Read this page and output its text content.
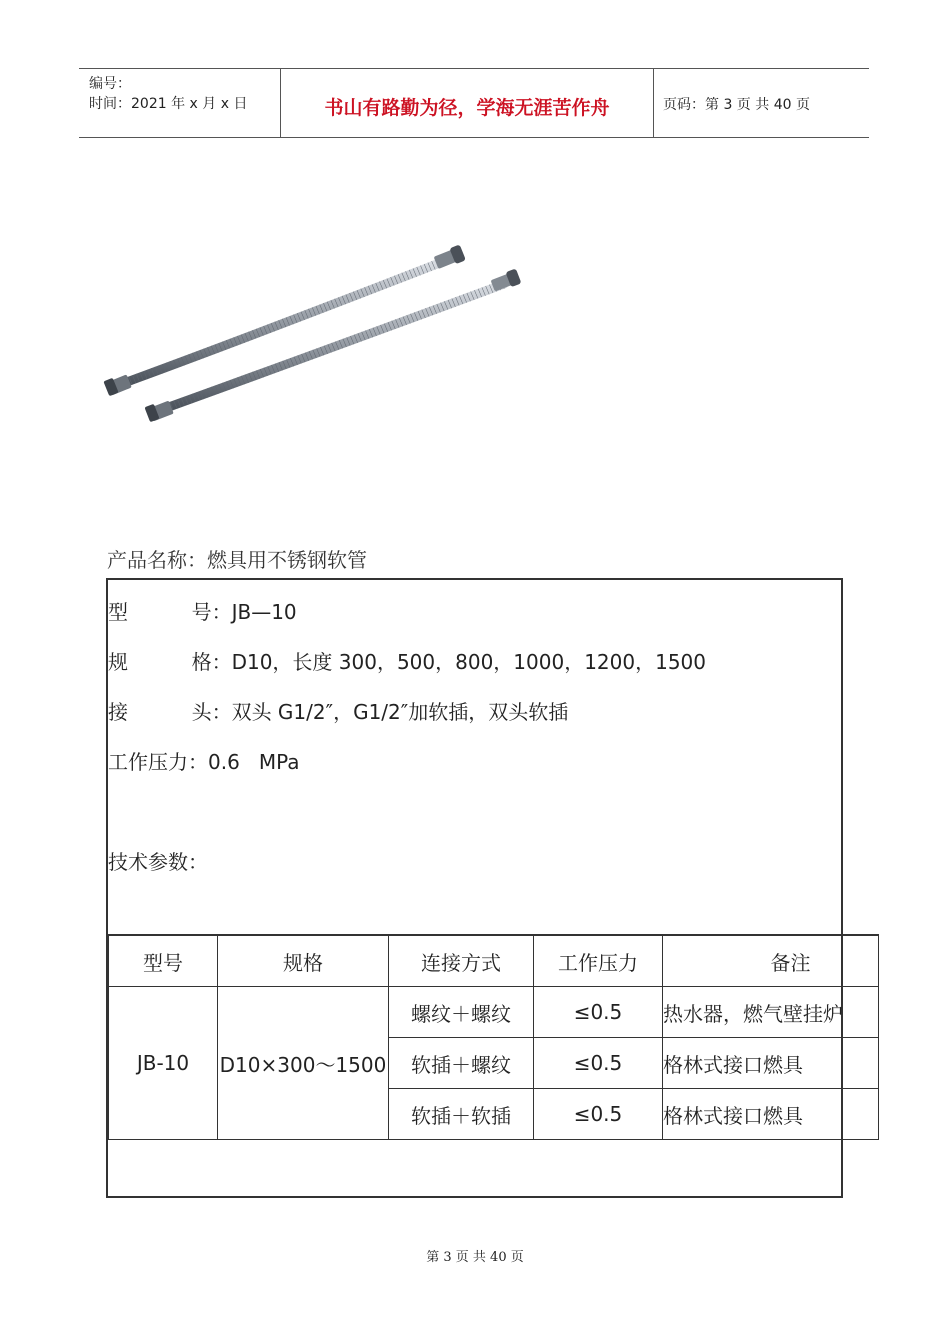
编号：
时间：2021 年 x 月 x 日	书山有路勤为径，学海无涯苦作舟	页码：第 3 页 共 40 页
产品名称：燃具用不锈钢软管
型          号：JB—10
规          格：D10，长度 300，500，800，1000，1200，1500
接          头：双头 G1/2″，G1/2″加软插，双头软插
工作压力：0.6   MPa
技术参数：
型号	规格	连接方式	工作压力	备注
JB-10	D10×300～1500	螺纹＋螺纹	≤0.5	热水器，燃气壁挂炉
		软插＋螺纹	≤0.5	格林式接口燃具
		软插＋软插	≤0.5	格林式接口燃具
第 3 页 共 40 页
